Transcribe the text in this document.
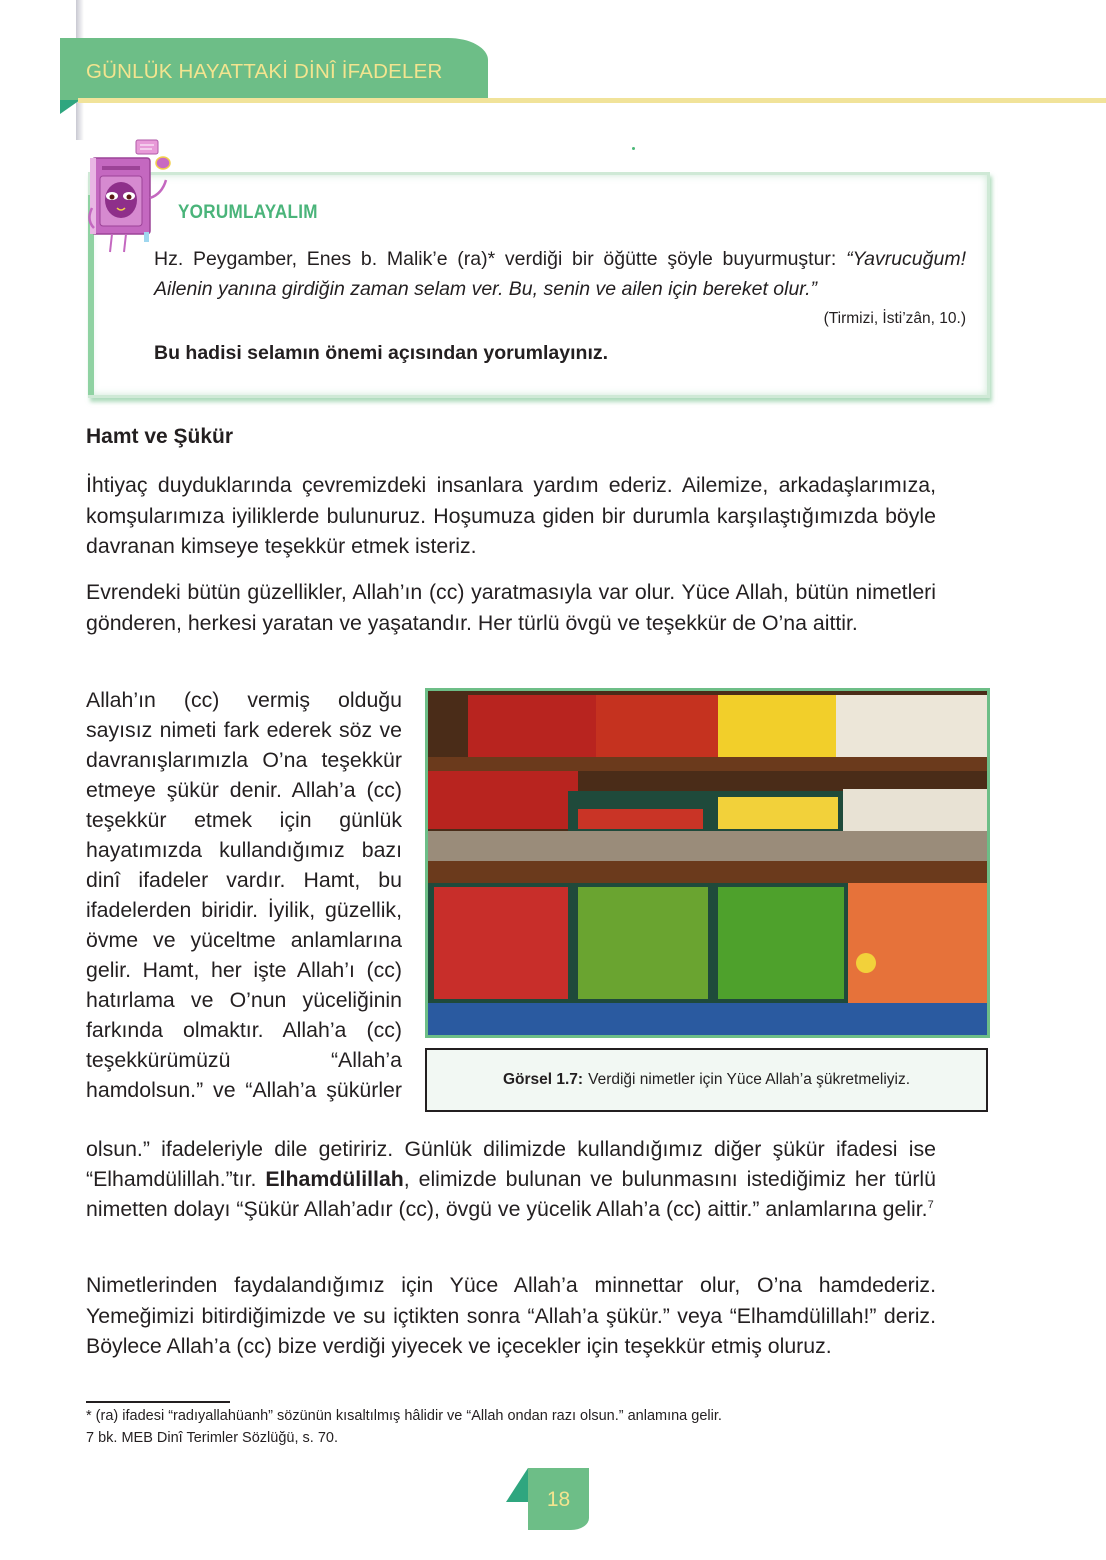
GÜNLÜK HAYATTAKİ DİNÎ İFADELER
YORUMLAYALIM

Hz. Peygamber, Enes b. Malik’e (ra)* verdiği bir öğütte şöyle buyurmuştur: “Yavrucuğum! Ailenin yanına girdiğin zaman selam ver. Bu, senin ve ailen için bereket olur.”

(Tirmizi, İsti’zân, 10.)
Bu hadisi selamın önemi açısından yorumlayınız.
Hamt ve Şükür

İhtiyaç duyduklarında çevremizdeki insanlara yardım ederiz. Ailemize, arkadaşlarımıza, komşularımıza iyiliklerde bulunuruz. Hoşumuza giden bir durumla karşılaştığımızda böyle davranan kimseye teşekkür etmek isteriz.

Evrendeki bütün güzellikler, Allah’ın (cc) yaratmasıyla var olur. Yüce Allah, bütün nimetleri gönderen, herkesi yaratan ve yaşatandır. Her türlü övgü ve teşekkür de O’na aittir.

Allah’ın (cc) vermiş olduğu sayısız nimeti fark ederek söz ve davranışlarımızla O’na teşekkür etmeye şükür denir. Allah’a (cc) teşekkür etmek için günlük hayatımızda kullandığımız bazı dinî ifadeler vardır. Hamt, bu ifadelerden biridir. İyilik, güzellik, övme ve yüceltme anlamlarına gelir. Hamt, her işte Allah’ı (cc) hatırlama ve O’nun yüceliğinin farkında olmaktır. Allah’a (cc) teşekkürümüzü “Allah’a hamdolsun.” ve “Allah’a şükürler

olsun.” ifadeleriyle dile getiririz. Günlük dilimizde kullandığımız diğer şükür ifadesi ise “Elhamdülillah.”tır. Elhamdülillah, elimizde bulunan ve bulunmasını istediğimiz her türlü nimetten dolayı “Şükür Allah’adır (cc), övgü ve yücelik Allah’a (cc) aittir.” anlamlarına gelir.$^7$

Nimetlerinden faydalandığımız için Yüce Allah’a minnettar olur, O’na hamdederiz. Yemeğimizi bitirdiğimizde ve su içtikten sonra “Allah’a şükür.” veya “Elhamdülillah!” deriz. Böylece Allah’a (cc) bize verdiği yiyecek ve içecekler için teşekkür etmiş oluruz.

Görsel 1.7: Verdiği nimetler için Yüce Allah’a şükretmeliyiz.
* (ra) ifadesi “radıyallahüanh” sözünün kısaltılmış hâlidir ve “Allah ondan razı olsun.” anlamına gelir.
7 bk. MEB Dinî Terimler Sözlüğü, s. 70.
18
